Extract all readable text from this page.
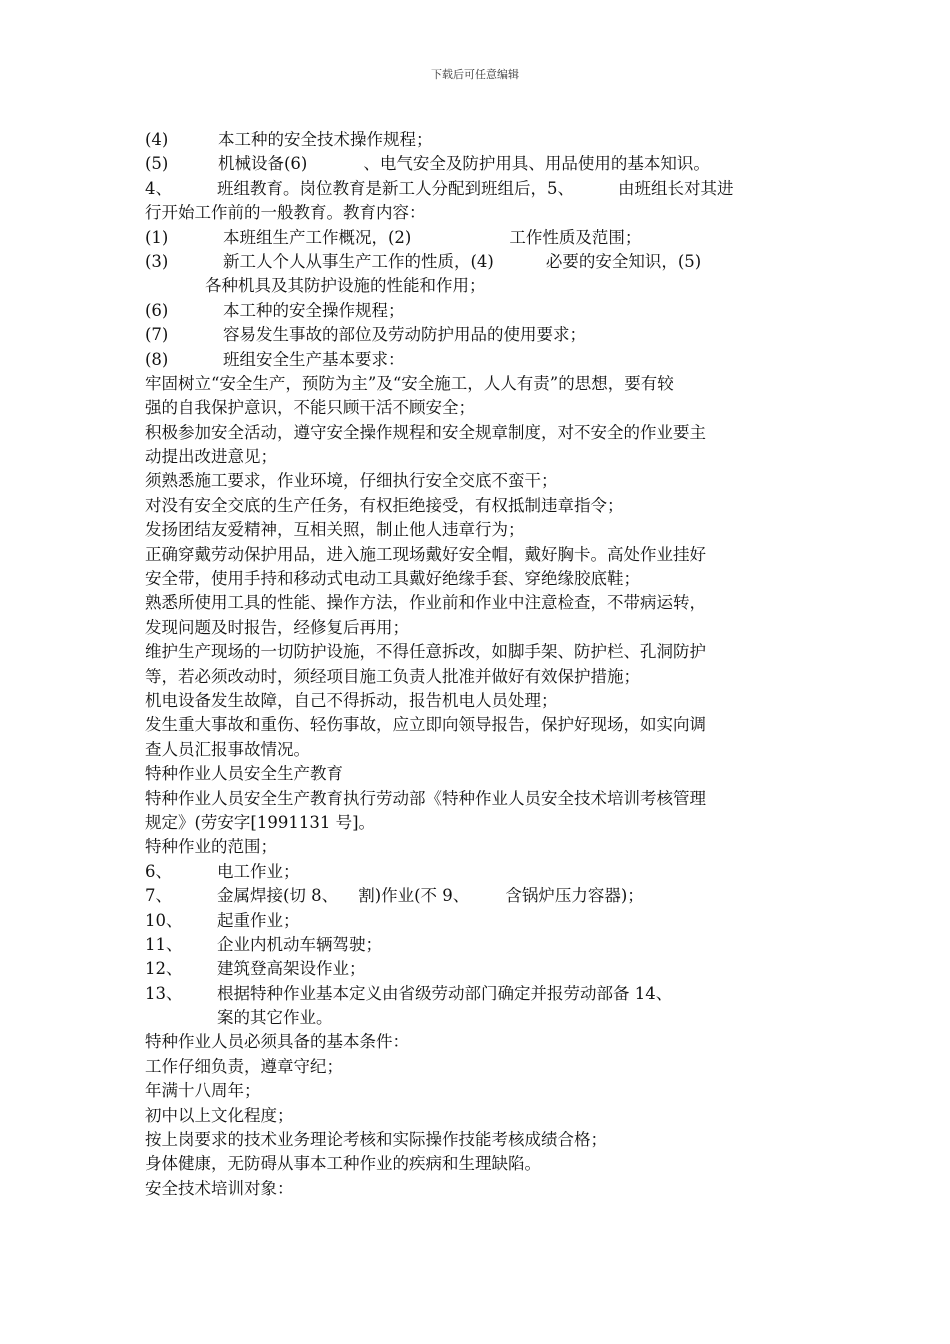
下载后可任意编辑
(4)	本工种的安全技术操作规程；
(5)	机械设备(6)	、电气安全及防护用具、用品使用的基本知识。
4、	班组教育。岗位教育是新工人分配到班组后，5、	由班组长对其进
行开始工作前的一般教育。教育内容：
(1)	本班组生产工作概况，(2)	工作性质及范围；
(3)	新工人个人从事生产工作的性质，(4)	必要的安全知识，(5)
各种机具及其防护设施的性能和作用；
(6)	本工种的安全操作规程；
(7)	容易发生事故的部位及劳动防护用品的使用要求；
(8)	班组安全生产基本要求：
牢固树立“安全生产，预防为主”及“安全施工，人人有责”的思想，要有较
强的自我保护意识，不能只顾干活不顾安全；
积极参加安全活动，遵守安全操作规程和安全规章制度，对不安全的作业要主
动提出改进意见；
须熟悉施工要求，作业环境，仔细执行安全交底不蛮干；
对没有安全交底的生产任务，有权拒绝接受，有权抵制违章指令；
发扬团结友爱精神，互相关照，制止他人违章行为；
正确穿戴劳动保护用品，进入施工现场戴好安全帽，戴好胸卡。高处作业挂好
安全带，使用手持和移动式电动工具戴好绝缘手套、穿绝缘胶底鞋；
熟悉所使用工具的性能、操作方法，作业前和作业中注意检查，不带病运转，
发现问题及时报告，经修复后再用；
维护生产现场的一切防护设施，不得任意拆改，如脚手架、防护栏、孔洞防护
等，若必须改动时，须经项目施工负责人批准并做好有效保护措施；
机电设备发生故障，自己不得拆动，报告机电人员处理；
发生重大事故和重伤、轻伤事故，应立即向领导报告，保护好现场，如实向调
查人员汇报事故情况。
特种作业人员安全生产教育
特种作业人员安全生产教育执行劳动部《特种作业人员安全技术培训考核管理
规定》(劳安字[1991131 号]。
特种作业的范围；
6、	电工作业；
7、	金属焊接(切 8、 割)作业(不 9、 含锅炉压力容器)；
10、	起重作业；
11、	企业内机动车辆驾驶；
12、	建筑登高架设作业；
13、	根据特种作业基本定义由省级劳动部门确定并报劳动部备 14、
案的其它作业。
特种作业人员必须具备的基本条件：
工作仔细负责，遵章守纪；
年满十八周年；
初中以上文化程度；
按上岗要求的技术业务理论考核和实际操作技能考核成绩合格；
身体健康，无防碍从事本工种作业的疾病和生理缺陷。
安全技术培训对象：
